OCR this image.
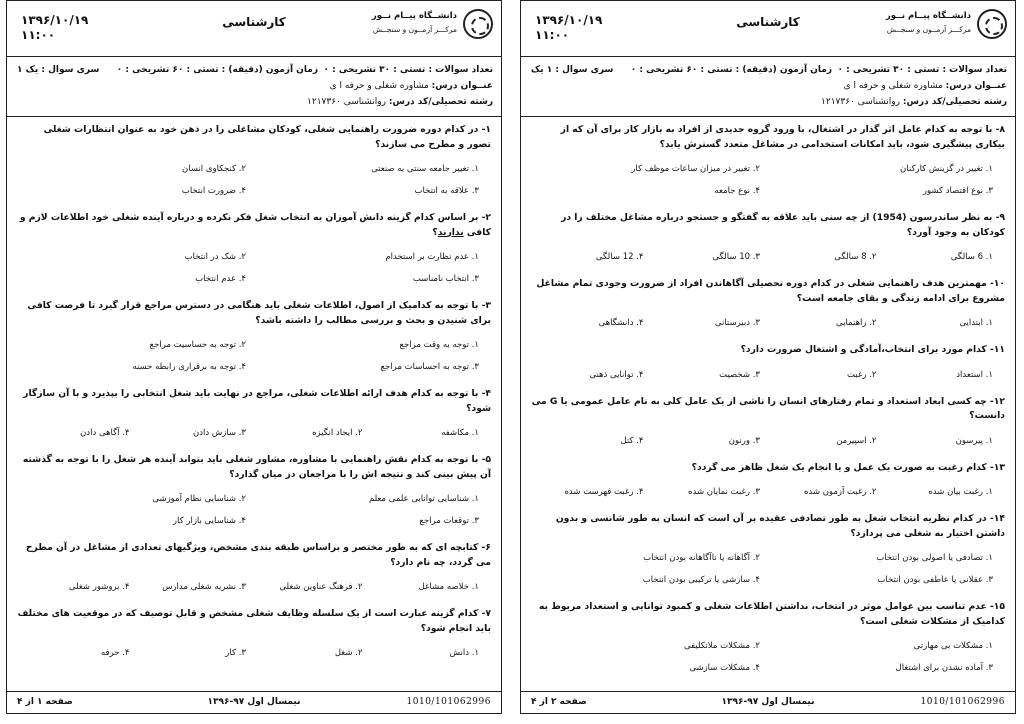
۱۳۹۶/۱۰/۱۹
۱۱:۰۰
کارشناسی	دانشــگاه پیــام نــور
مرکـــز آزمــون و سنجــش
تعداد سوالات : تستی : ۳۰ تشریحی : ۰
زمان آزمون (دقیقه) : تستی : ۶۰ تشریحی : ۰
سری سوال : یک ۱
عنــوان درس: مشاوره شغلی و حرفه ا ی
رشته تحصیلی/کد درس: روانشناسی ۱۲۱۷۳۶۰
۱- در کدام دوره ضرورت راهنمایی شغلی، کودکان مشاغلی را در ذهن خود به عنوان انتظارات شغلی تصور و مطرح می سازند؟
۱. تغییر جامعه سنتی به صنعتی
۲. کنجکاوی انسان
۳. علاقه به انتخاب
۴. ضرورت انتخاب
۲- بر اساس کدام گزینه دانش آموزان به انتخاب شغل فکر نکرده و درباره آینده شغلی خود اطلاعات لازم و کافی ندارند؟
۱. عدم نظارت بر استخدام
۲. شک در انتخاب
۳. انتخاب نامناسب
۴. عدم انتخاب
۳- با توجه به کدامیک از اصول، اطلاعات شغلی باید هنگامی در دسترس مراجع قرار گیرد تا فرصت کافی برای شنیدن و بحث و بررسی مطالب را داشته باشد؟
۱. توجه به وقت مراجع
۲. توجه به حساسیت مراجع
۳. توجه به احساسات مراجع
۴. توجه به برقراری رابطه حسنه
۴- با توجه به کدام هدف ارائه اطلاعات شغلی، مراجع در نهایت باید شغل انتخابی را بپذیرد و با آن سازگار شود؟
۱. مکاشفه
۲. ایجاد انگیزه
۳. سازش دادن
۴. آگاهی دادن
۵- با توجه به کدام نقش راهنمایی با مشاوره، مشاور شغلی باید بتواند آینده هر شغل را با توجه به گذشته آن پیش بینی کند و نتیجه اش را با مراجعان در میان گذارد؟
۱. شناسایی توانایی علمی معلم
۲. شناسایی نظام آموزشی
۳. توقعات مراجع
۴. شناسایی بازار کار
۶- کتابچه ای که به طور مختصر و براساس طبقه بندی مشخص، ویژگیهای تعدادی از مشاغل در آن مطرح می گردد، چه نام دارد؟
۱. خلاصه مشاغل
۲. فرهنگ عناوین شغلی
۳. نشریه شغلی مدارس
۴. بروشور شغلی
۷- کدام گزینه عبارت است از یک سلسله وظایف شغلی مشخص و قابل توصیف که در موقعیت های مختلف باید انجام شود؟
۱. دانش
۲. شغل
۳. کار
۴. حرفه
صفحه ۱ از ۴	نیمسال اول ۹۷-۱۳۹۶	1010/101062996
۱۳۹۶/۱۰/۱۹
۱۱:۰۰
کارشناسی	دانشــگاه پیــام نــور
مرکـــز آزمــون و سنجــش
تعداد سوالات : تستی : ۳۰ تشریحی : ۰
زمان آزمون (دقیقه) : تستی : ۶۰ تشریحی : ۰
سری سوال : ۱ یک
عنــوان درس: مشاوره شغلی و حرفه ا ی
رشته تحصیلی/کد درس: روانشناسی ۱۲۱۷۳۶۰
۸- با توجه به کدام عامل اثر گذار در اشتغال، با ورود گروه جدیدی از افراد به بازار کار برای آن که از بیکاری پیشگیری شود، باید امکانات استخدامی در مشاغل متعدد گسترش یابد؟
۱. تغییر در گزینش کارکنان
۲. تغییر در میزان ساعات موظف کار
۳. نوع اقتصاد کشور
۴. نوع جامعه
۹- به نظر ساندرسون (1954) از چه سنی باید علاقه به گفتگو و جستجو درباره مشاغل مختلف را در کودکان به وجود آورد؟
۱. 6 سالگی
۲. 8 سالگی
۳. 10 سالگی
۴. 12 سالگی
۱۰- مهمترین هدف راهنمایی شغلی در کدام دوره تحصیلی آگاهاندن افراد از ضرورت وجودی تمام مشاغل مشروع برای ادامه زندگی و بقای جامعه است؟
۱. ابتدایی
۲. راهنمایی
۳. دبیرستانی
۴. دانشگاهی
۱۱- کدام مورد برای انتخاب،آمادگی و اشتغال ضرورت دارد؟
۱. استعداد
۲. رغبت
۳. شخصیت
۴. توانایی ذهنی
۱۲- چه کسی ابعاد استعداد و تمام رفتارهای انسان را ناشی از یک عامل کلی به نام عامل عمومی یا G می دانست؟
۱. پیرسون
۲. اسپیرمن
۳. ورنون
۴. کتل
۱۳- کدام رغبت به صورت یک عمل و یا انجام یک شغل ظاهر می گردد؟
۱. رغبت بیان شده
۲. رغبت آزمون شده
۳. رغبت نمایان شده
۴. رغبت فهرست شده
۱۴- در کدام نظریه انتخاب شغل به طور تصادفی عقیده بر آن است که انسان به طور شانسی و بدون داشتن اختیار به شغلی می پردازد؟
۱. تصادفی یا اصولی بودن انتخاب
۲. آگاهانه یا ناآگاهانه بودن انتخاب
۳. عقلانی یا عاطفی بودن انتخاب
۴. سازشی یا ترکیبی بودن انتخاب
۱۵- عدم تناسب بین عوامل موثر در انتخاب، نداشتن اطلاعات شغلی و کمبود توانایی و استعداد مربوط به کدامیک از مشکلات شغلی است؟
۱. مشکلات بی مهارتی
۲. مشکلات ملاتکلیفی
۳. آماده نشدن برای اشتغال
۴. مشکلات سازشی
صفحه ۲ از ۴	نیمسال اول ۹۷-۱۳۹۶	1010/101062996
